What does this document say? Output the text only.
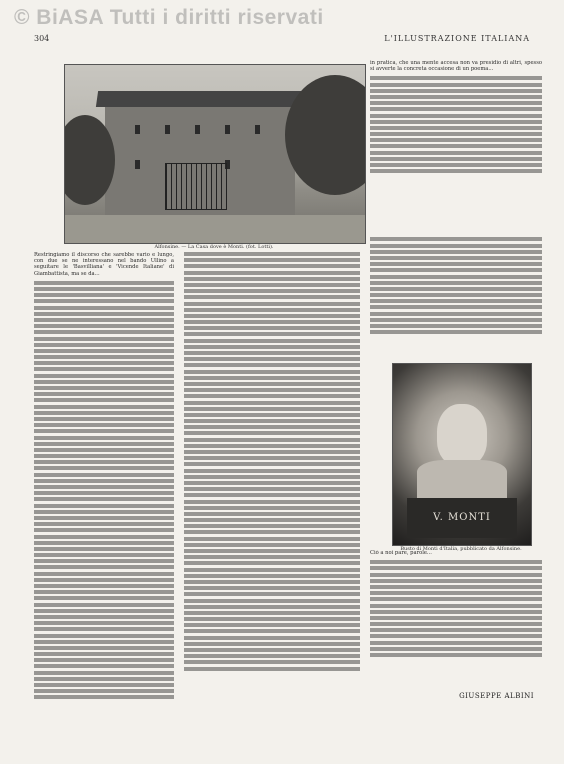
© BiASA Tutti i diritti riservati
304	L'ILLUSTRAZIONE ITALIANA
Alfonsine. — La Casa dove è Monti. (fot. Lotti).
Restringiamo il discorso che sarebbe vario e lungo, con due se ne interessano nel bando Ullino a seguitare le 'Basvilliana' e 'Vicende Italiane' di Giambattista, ma se da...
in pratica, che una mente accesa non va presidio di altri, spesso si avverte la concreta occasione di un poema...
V. MONTI
Busto di Monti d'Italia, pubblicato da Alfonsine.
Ciò a noi pare, parole...
GIUSEPPE ALBINI
